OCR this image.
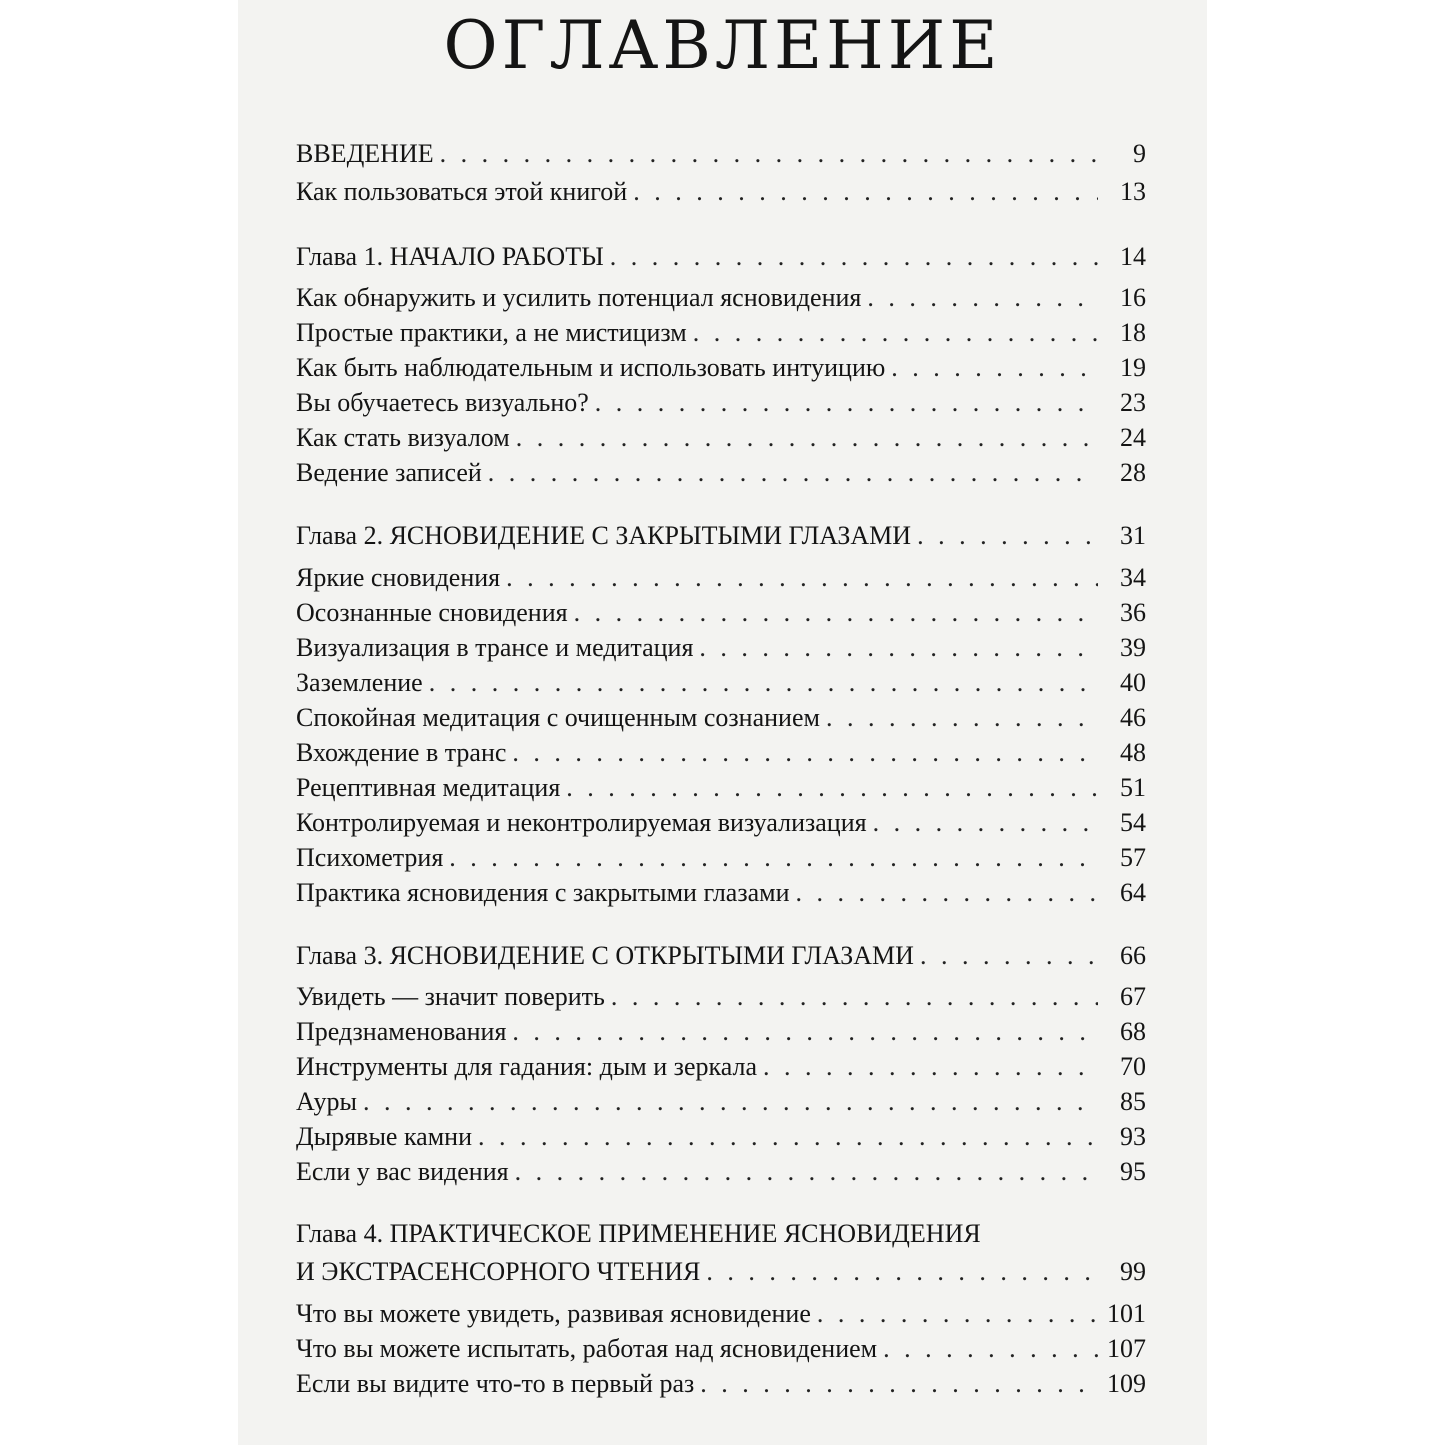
ОГЛАВЛЕНИЕ
ВВЕДЕНИЕ . . .	9
Как пользоваться этой книгой . . .	13
Глава 1. НАЧАЛО РАБОТЫ . . .	14
Как обнаружить и усилить потенциал ясновидения . . .	16
Простые практики, а не мистицизм . . .	18
Как быть наблюдательным и использовать интуицию . . .	19
Вы обучаетесь визуально? . . .	23
Как стать визуалом . . .	24
Ведение записей . . .	28
Глава 2. ЯСНОВИДЕНИЕ С ЗАКРЫТЫМИ ГЛАЗАМИ . . .	31
Яркие сновидения . . .	34
Осознанные сновидения . . .	36
Визуализация в трансе и медитация . . .	39
Заземление . . .	40
Спокойная медитация с очищенным сознанием . . .	46
Вхождение в транс . . .	48
Рецептивная медитация . . .	51
Контролируемая и неконтролируемая визуализация . . .	54
Психометрия . . .	57
Практика ясновидения с закрытыми глазами . . .	64
Глава 3. ЯСНОВИДЕНИЕ С ОТКРЫТЫМИ ГЛАЗАМИ . . .	66
Увидеть — значит поверить . . .	67
Предзнаменования . . .	68
Инструменты для гадания: дым и зеркала . . .	70
Ауры . . .	85
Дырявые камни . . .	93
Если у вас видения . . .	95
Глава 4. ПРАКТИЧЕСКОЕ ПРИМЕНЕНИЕ ЯСНОВИДЕНИЯ
И ЭКСТРАСЕНСОРНОГО ЧТЕНИЯ . . .	99
Что вы можете увидеть, развивая ясновидение . . .	101
Что вы можете испытать, работая над ясновидением . . .	107
Если вы видите что-то в первый раз . . .	109
